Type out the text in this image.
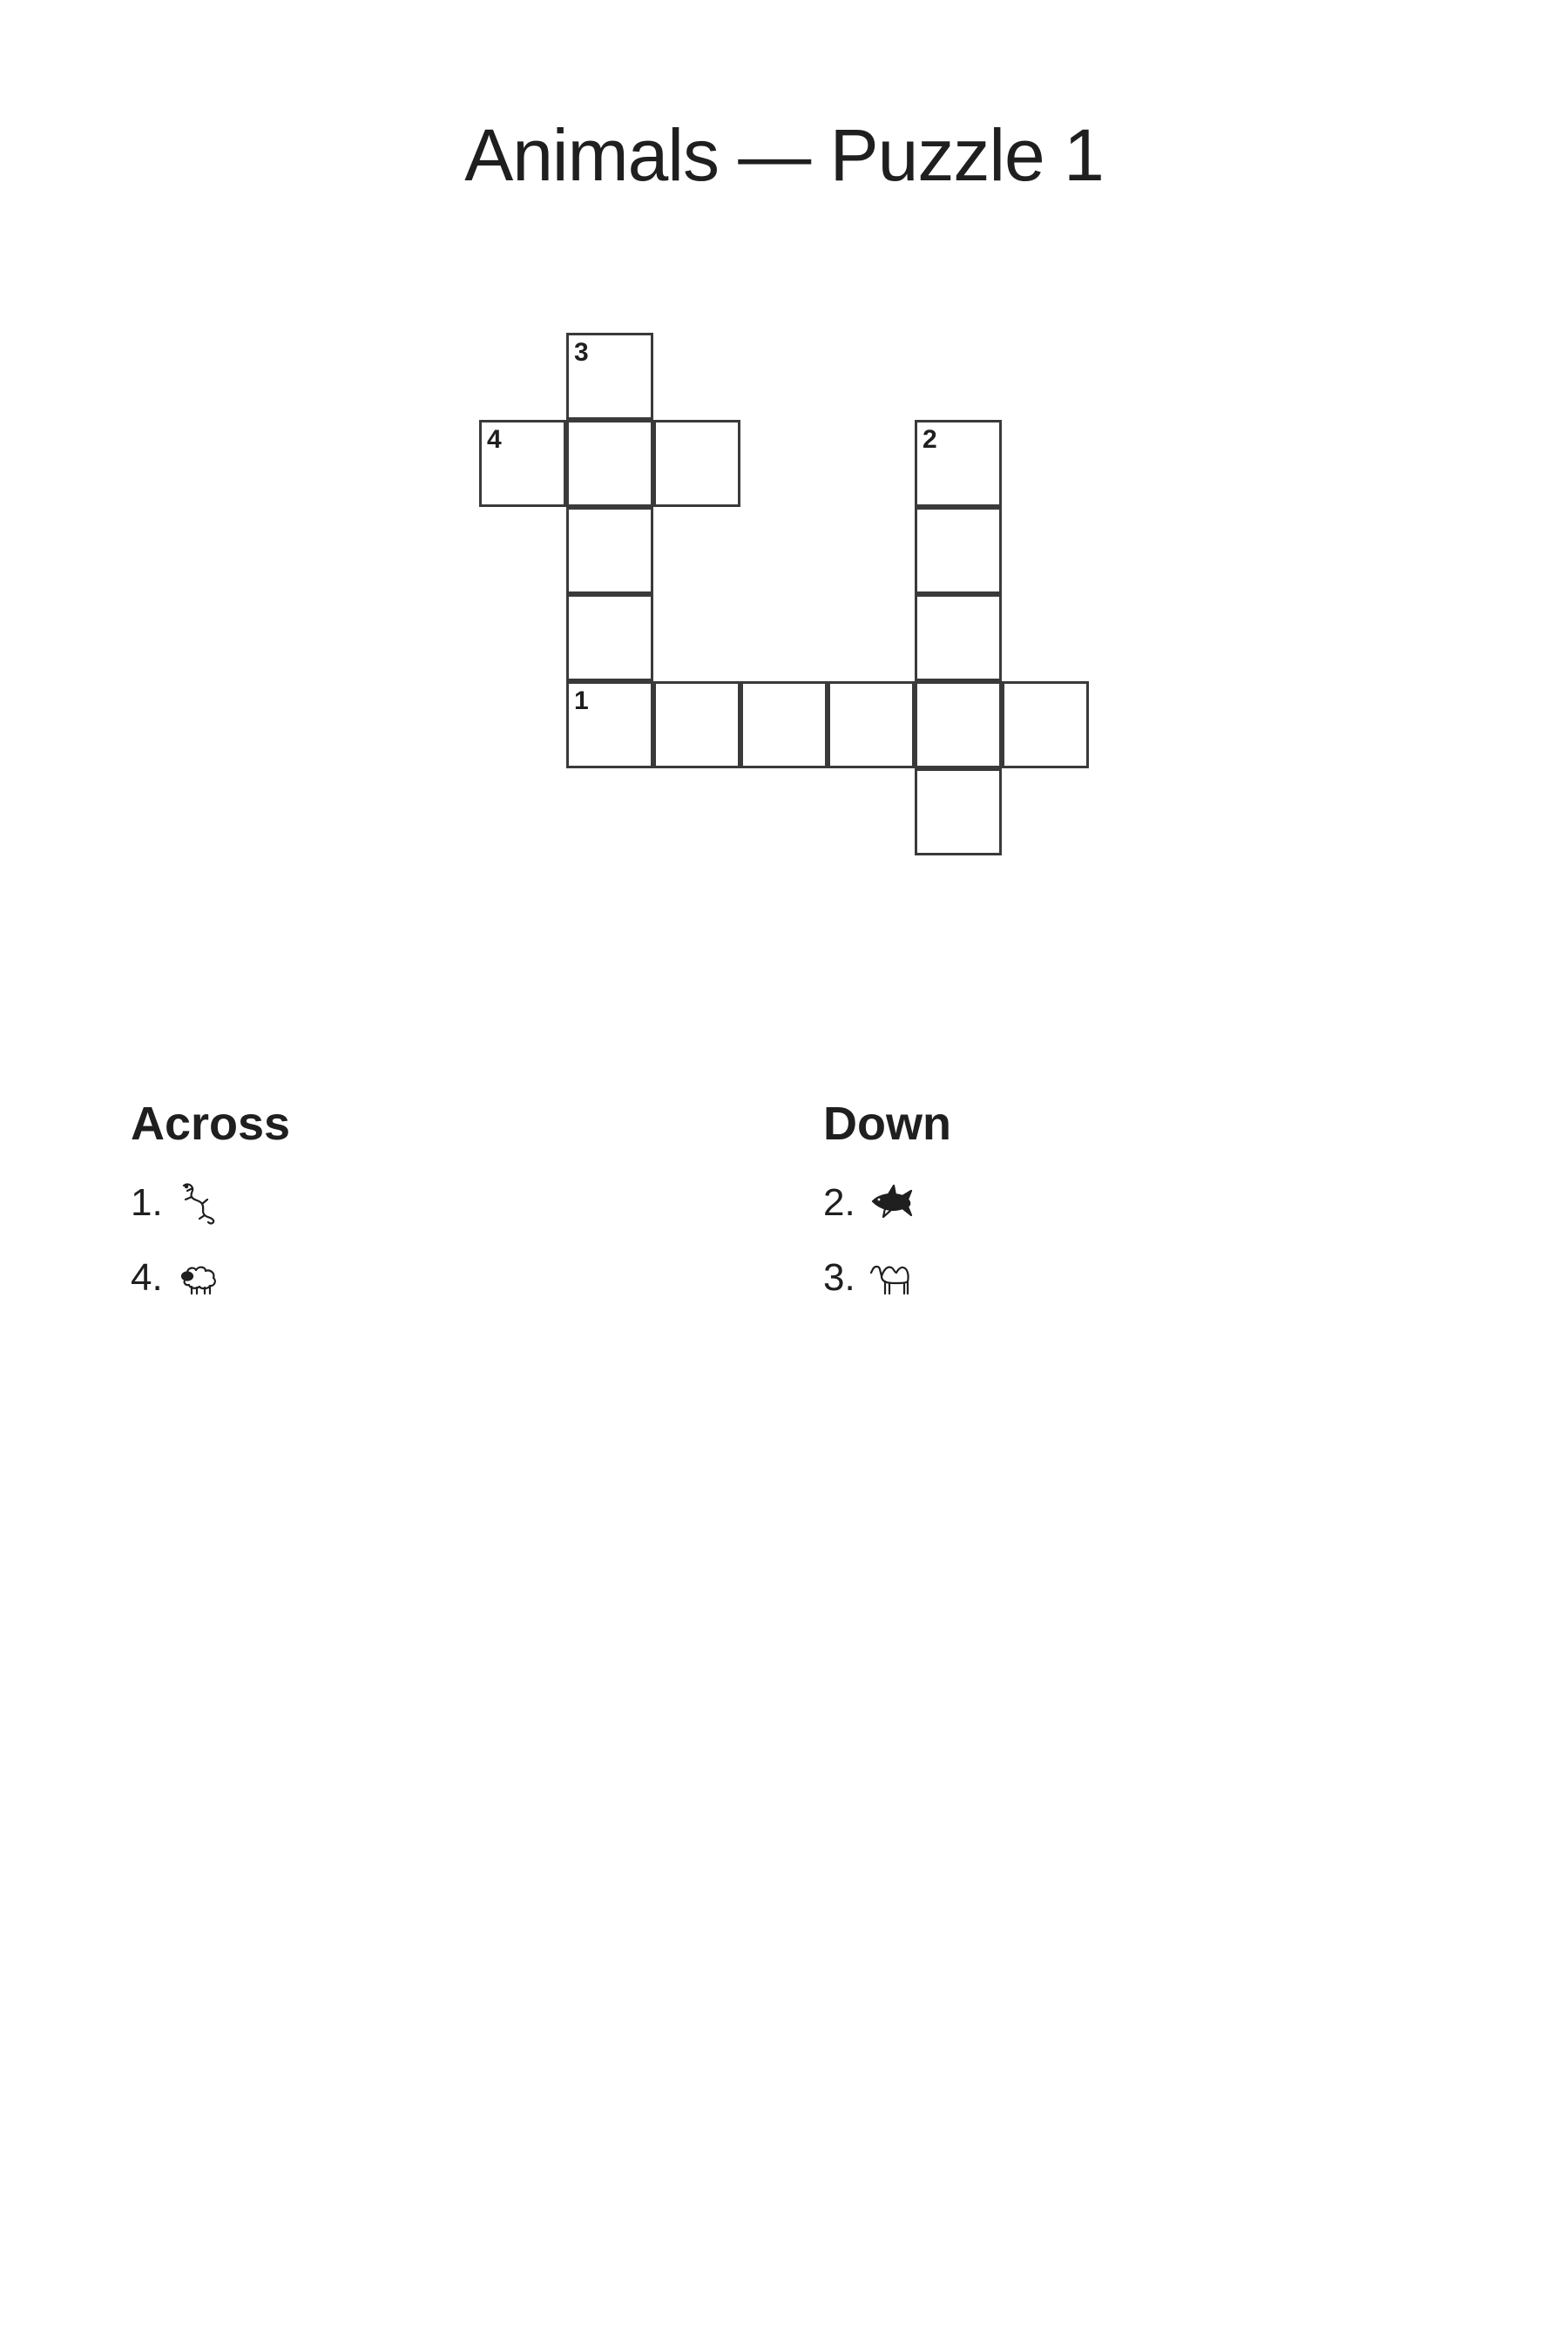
Animals — Puzzle 1
3
4	2
1
Across
1.
4.
Down
2.
3.
